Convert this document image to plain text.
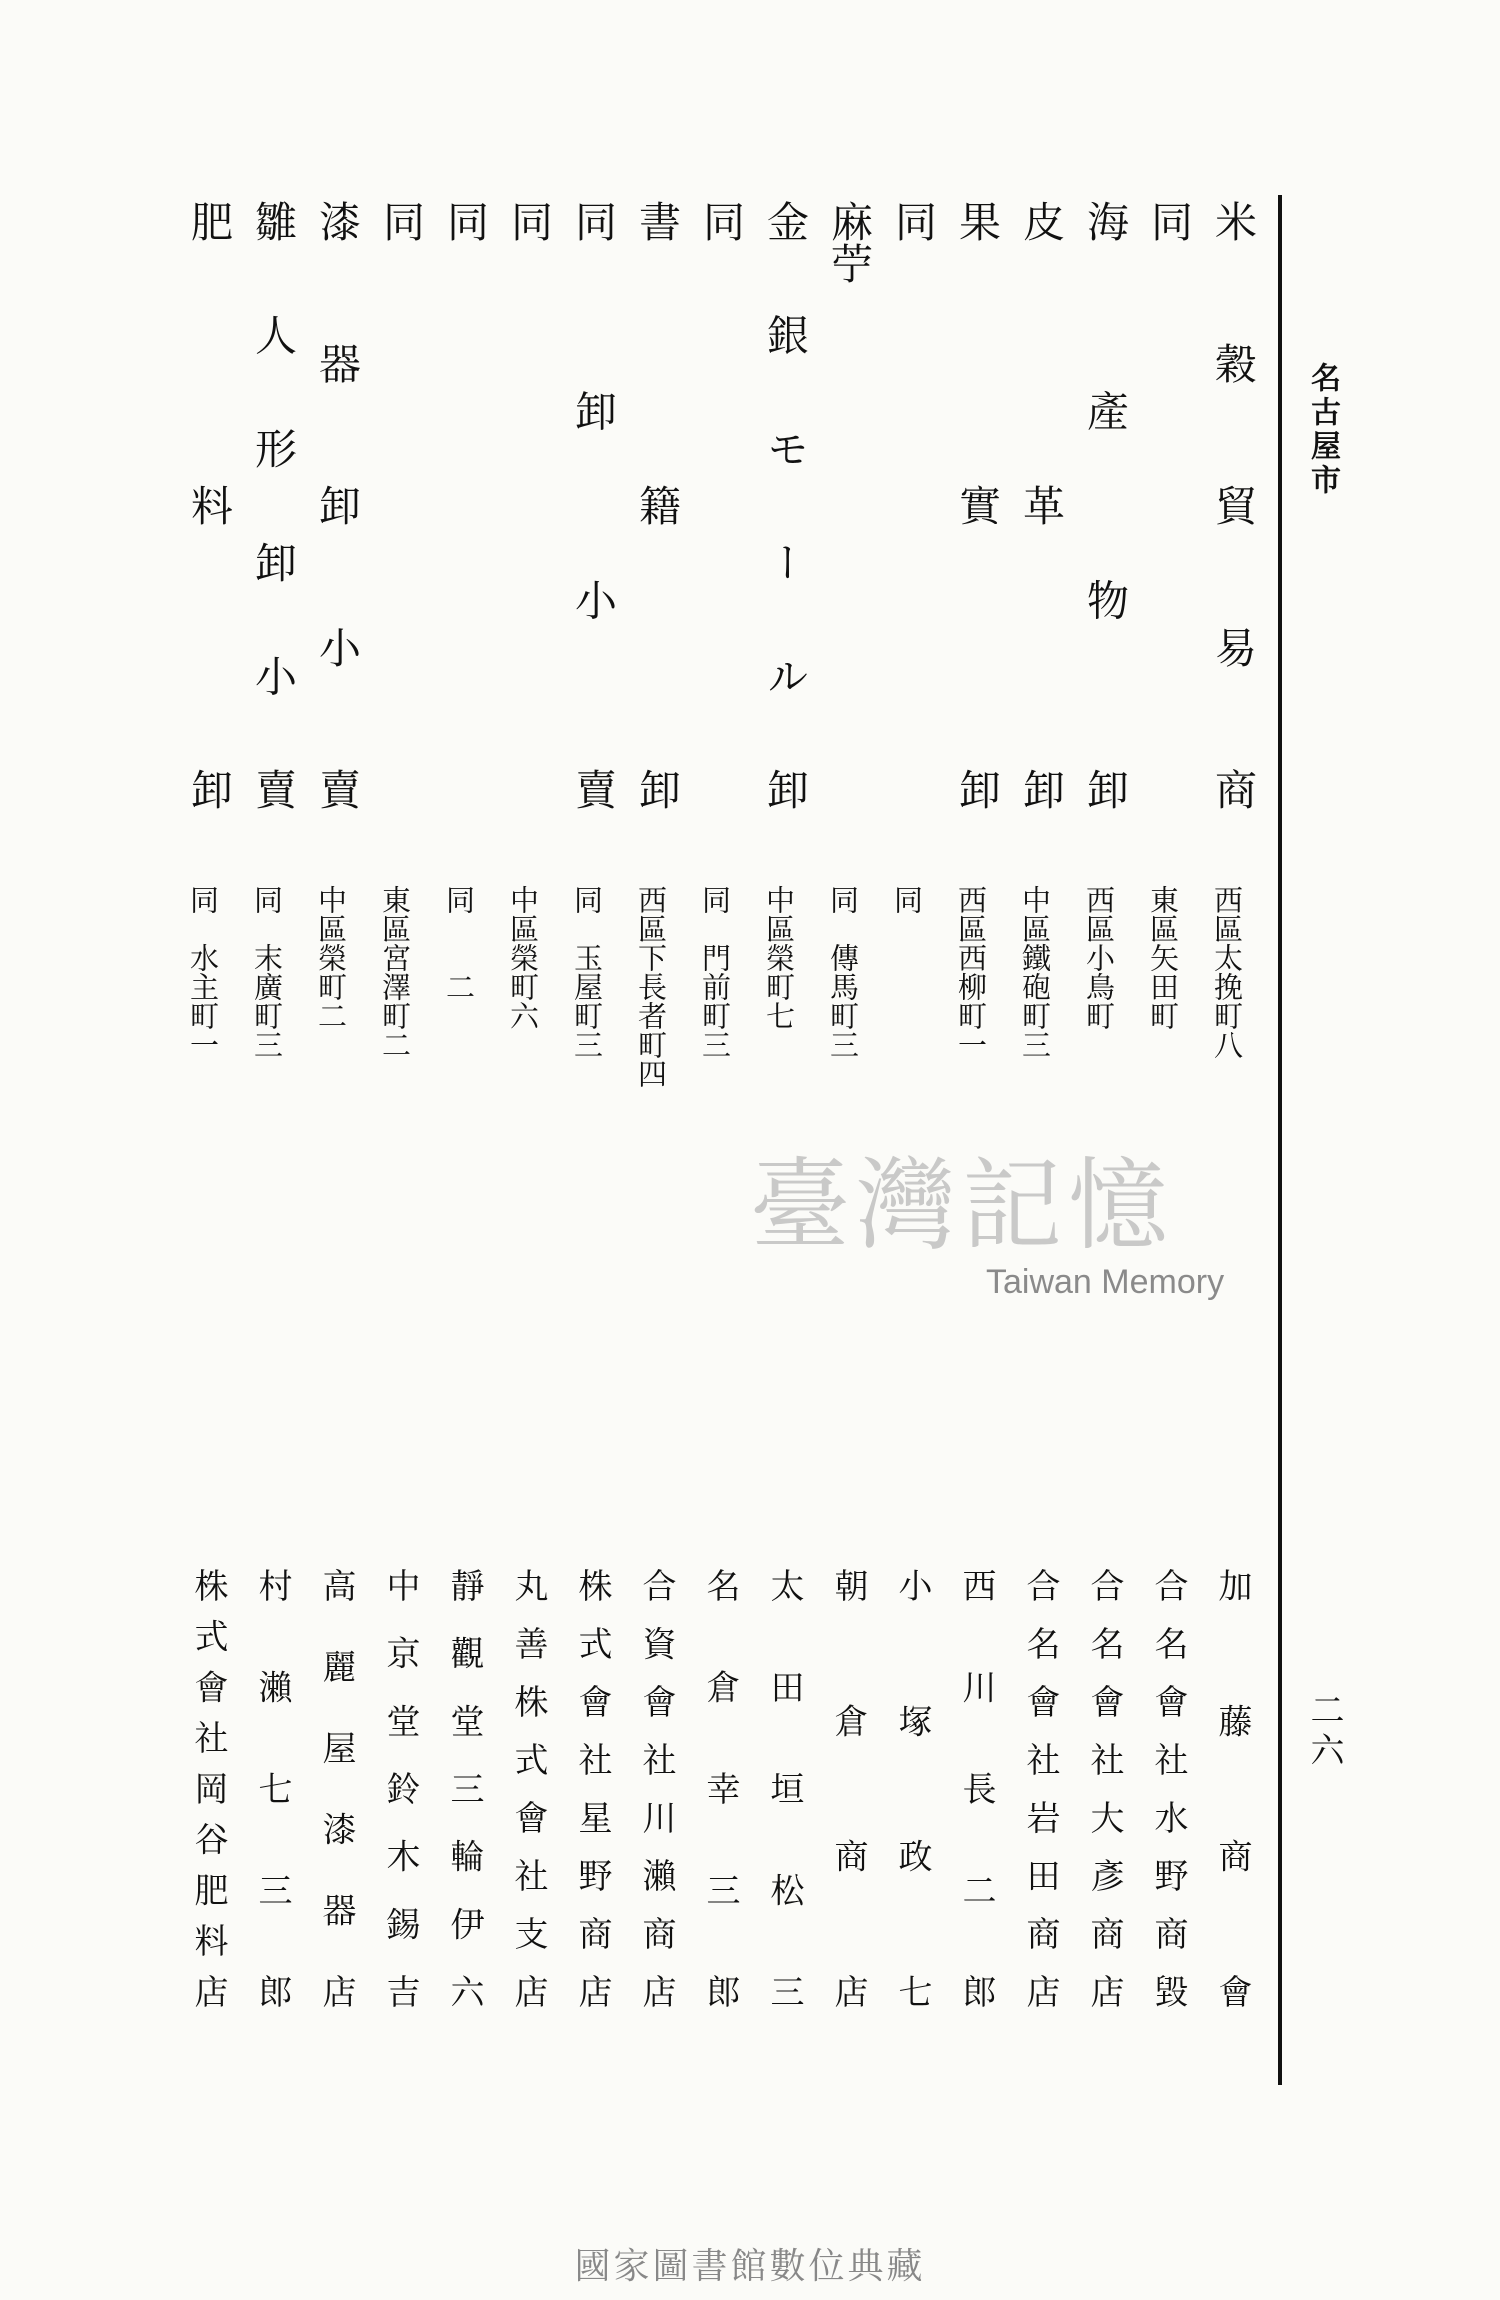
名古屋市
二六
米穀貿易商
西區太挽町八
加藤商會
同
東區矢田町
合名會社水野商毀
海產物卸
西區小鳥町
合名會社大彥商店
皮革卸
中區鐵砲町三
合名會社岩田商店
果實卸
西區西柳町一
西川長二郎
同
同
小塚政七
麻苧
同　傳馬町三
朝倉商店
金銀モール卸
中區榮町七
太田垣松三
同
同　門前町三
名倉幸三郎
書籍卸
西區下長者町四
合資會社川瀨商店
同卸小賣
同　玉屋町三
株式會社星野商店
同
中區榮町六
丸善株式會社支店
同
同　　二
靜觀堂三輪伊六
同
東區宮澤町二
中京堂鈴木錫吉
漆器卸小賣
中區榮町二
高麗屋漆器店
雛人形卸小賣
同　末廣町三
村瀨七三郎
肥料卸
同　水主町一
株式會社岡谷肥料店
臺灣記憶
Taiwan Memory
國家圖書館數位典藏
